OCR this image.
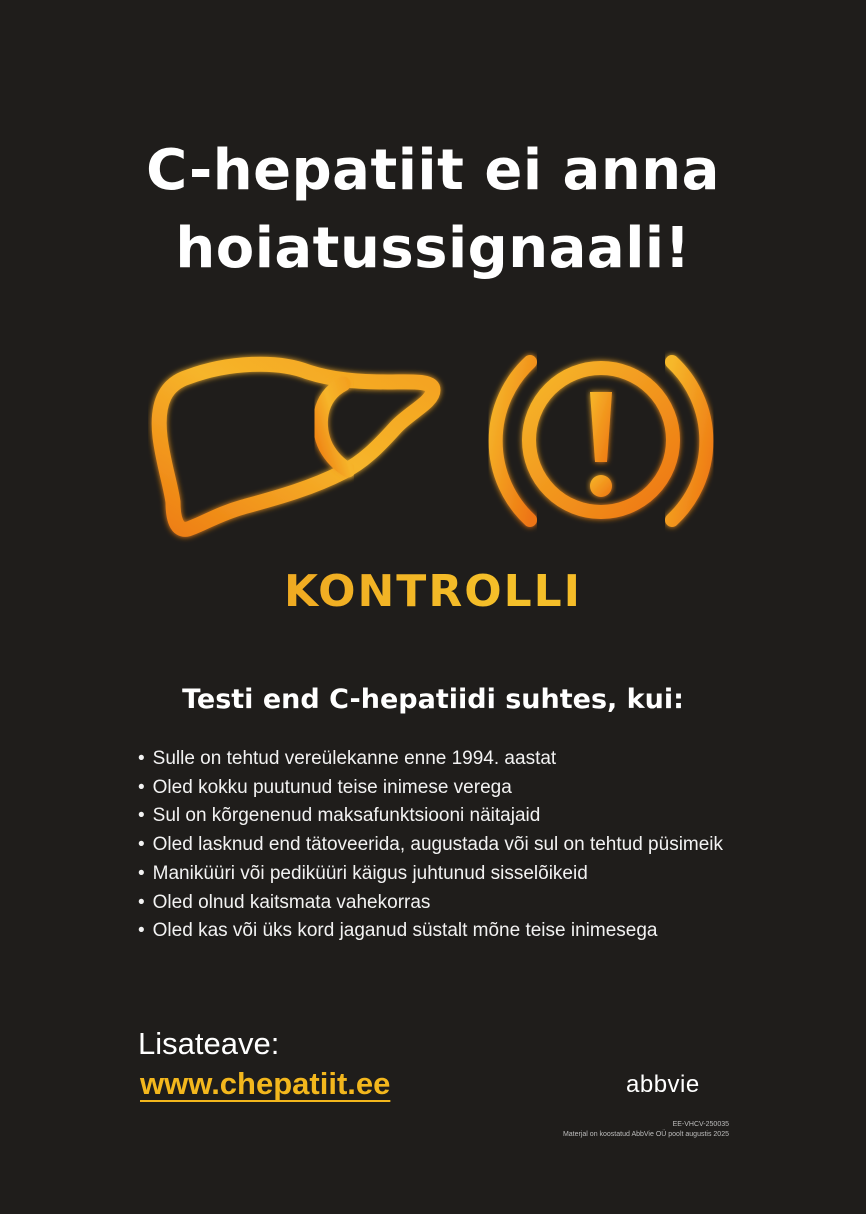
C-hepatiit ei anna
hoiatussignaali!
KONTROLLI
Testi end C-hepatiidi suhtes, kui:
• Sulle on tehtud vereülekanne enne 1994. aastat
• Oled kokku puutunud teise inimese verega
• Sul on kõrgenenud maksafunktsiooni näitajaid
• Oled lasknud end tätoveerida, augustada või sul on tehtud püsimeik
• Maniküüri või pediküüri käigus juhtunud sisselõikeid
• Oled olnud kaitsmata vahekorras
• Oled kas või üks kord jaganud süstalt mõne teise inimesega
Lisateave:
www.chepatiit.ee	abbvie
EE-VHCV-250035
Materjal on koostatud AbbVie OÜ poolt augustis 2025
